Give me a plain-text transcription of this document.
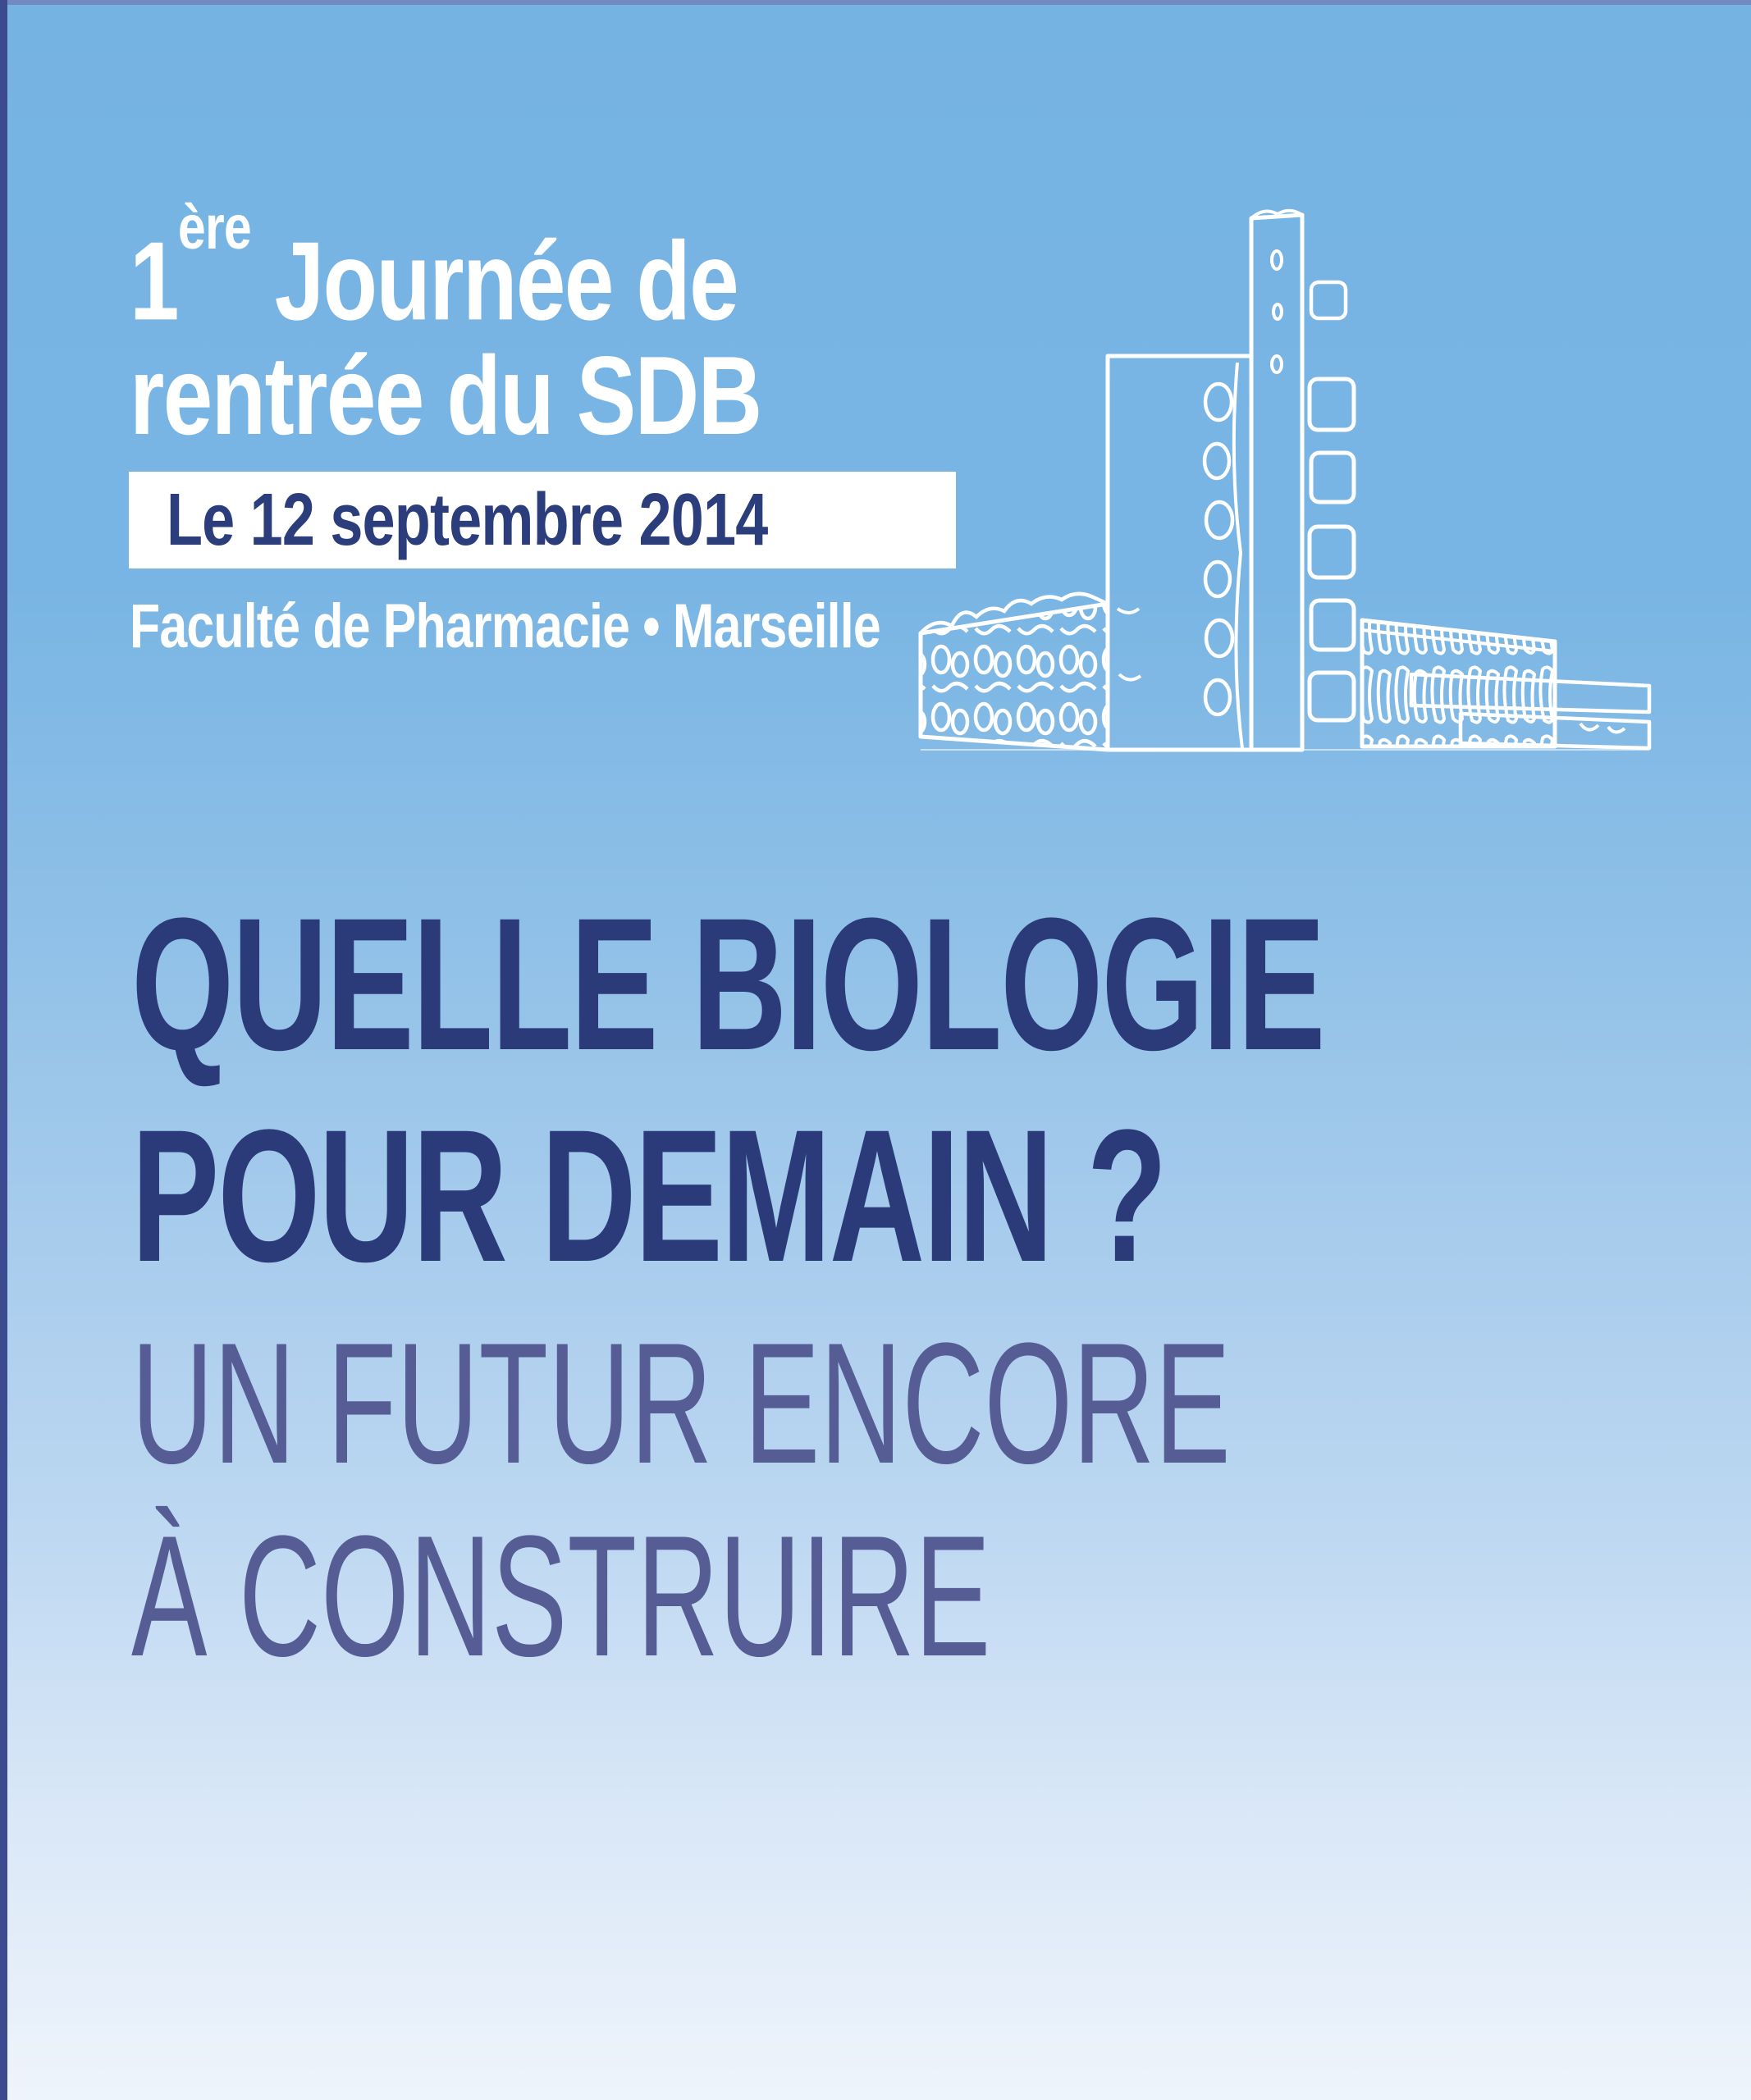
1ère Journée de

rentrée du SDB
Le 12 septembre 2014
Faculté de Pharmacie • Marseille
QUELLE BIOLOGIE
POUR DEMAIN ?
UN FUTUR ENCORE
À CONSTRUIRE
